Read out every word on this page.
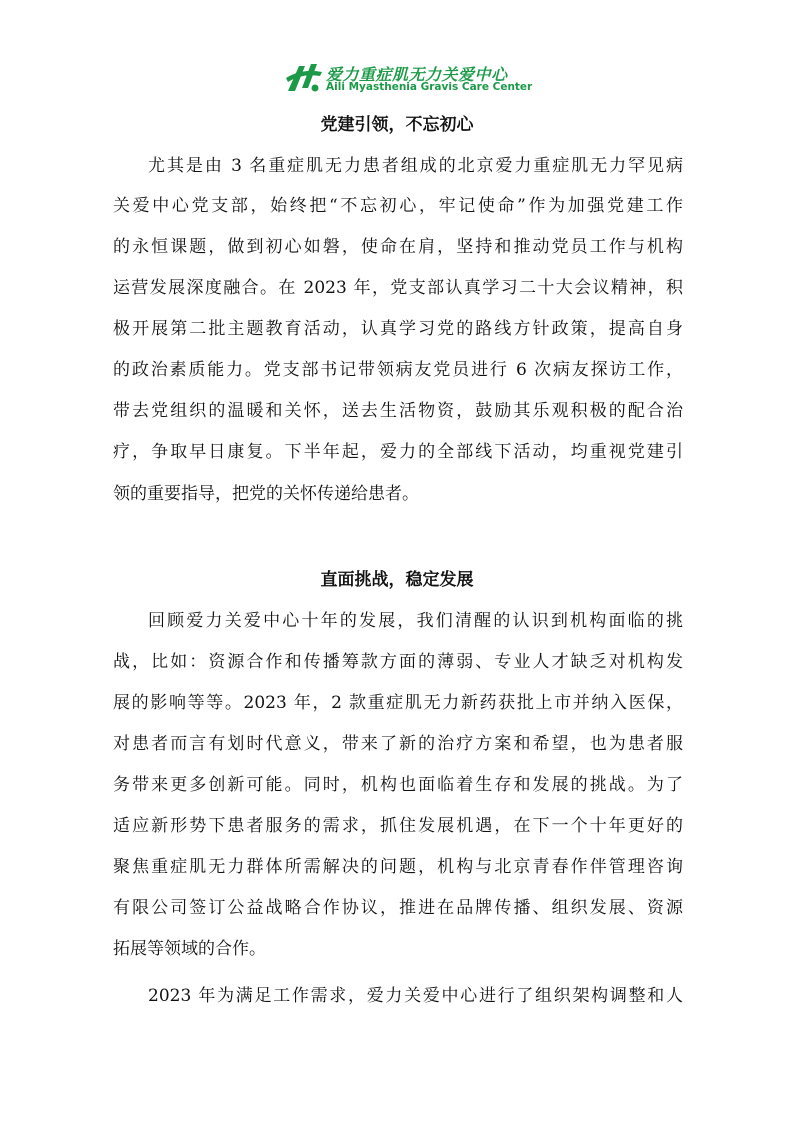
爱力重症肌无力关爱中心
Aili Myasthenia Gravis Care Center
党建引领，不忘初心
尤其是由 3 名重症肌无力患者组成的北京爱力重症肌无力罕见病
关爱中心党支部，始终把“不忘初心，牢记使命”作为加强党建工作
的永恒课题，做到初心如磐，使命在肩，坚持和推动党员工作与机构
运营发展深度融合。在 2023 年，党支部认真学习二十大会议精神，积
极开展第二批主题教育活动，认真学习党的路线方针政策，提高自身
的政治素质能力。党支部书记带领病友党员进行 6 次病友探访工作，
带去党组织的温暖和关怀，送去生活物资，鼓励其乐观积极的配合治
疗，争取早日康复。下半年起，爱力的全部线下活动，均重视党建引
领的重要指导，把党的关怀传递给患者。
直面挑战，稳定发展
回顾爱力关爱中心十年的发展，我们清醒的认识到机构面临的挑
战，比如：资源合作和传播筹款方面的薄弱、专业人才缺乏对机构发
展的影响等等。2023 年，2 款重症肌无力新药获批上市并纳入医保，
对患者而言有划时代意义，带来了新的治疗方案和希望，也为患者服
务带来更多创新可能。同时，机构也面临着生存和发展的挑战。为了
适应新形势下患者服务的需求，抓住发展机遇，在下一个十年更好的
聚焦重症肌无力群体所需解决的问题，机构与北京青春作伴管理咨询
有限公司签订公益战略合作协议，推进在品牌传播、组织发展、资源
拓展等领域的合作。
2023 年为满足工作需求，爱力关爱中心进行了组织架构调整和人
